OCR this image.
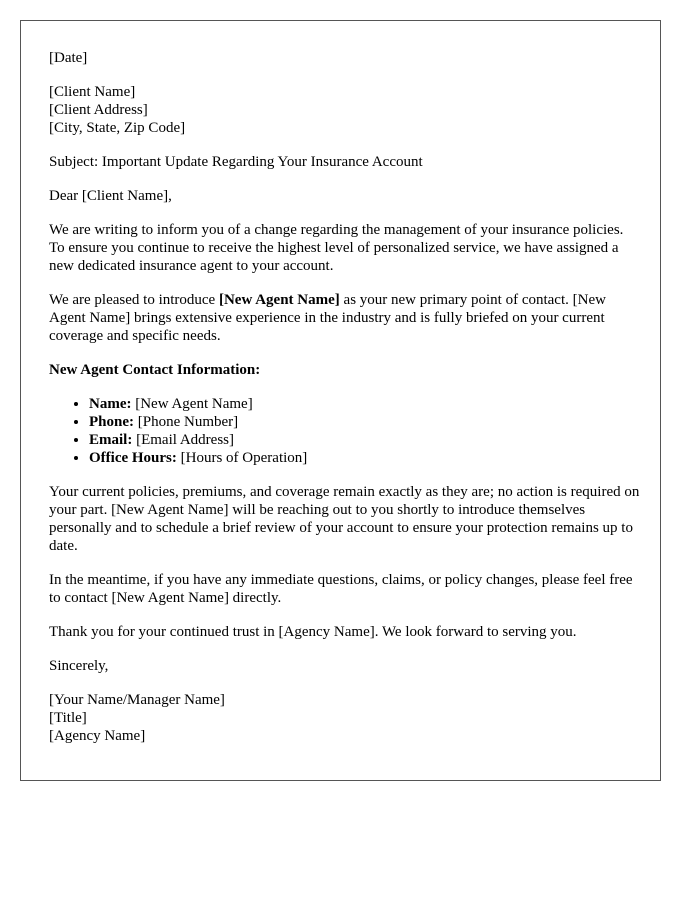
[Date]

[Client Name]

[Client Address]

[City, State, Zip Code]

Subject: Important Update Regarding Your Insurance Account

Dear [Client Name],

We are writing to inform you of a change regarding the management of your insurance policies. To ensure you continue to receive the highest level of personalized service, we have assigned a new dedicated insurance agent to your account.

We are pleased to introduce [New Agent Name] as your new primary point of contact. [New Agent Name] brings extensive experience in the industry and is fully briefed on your current coverage and specific needs.

New Agent Contact Information:

• Name: [New Agent Name]
• Phone: [Phone Number]
• Email: [Email Address]
• Office Hours: [Hours of Operation]

Your current policies, premiums, and coverage remain exactly as they are; no action is required on your part. [New Agent Name] will be reaching out to you shortly to introduce themselves personally and to schedule a brief review of your account to ensure your protection remains up to date.

In the meantime, if you have any immediate questions, claims, or policy changes, please feel free to contact [New Agent Name] directly.

Thank you for your continued trust in [Agency Name]. We look forward to serving you.

Sincerely,

[Your Name/Manager Name]

[Title]

[Agency Name]
